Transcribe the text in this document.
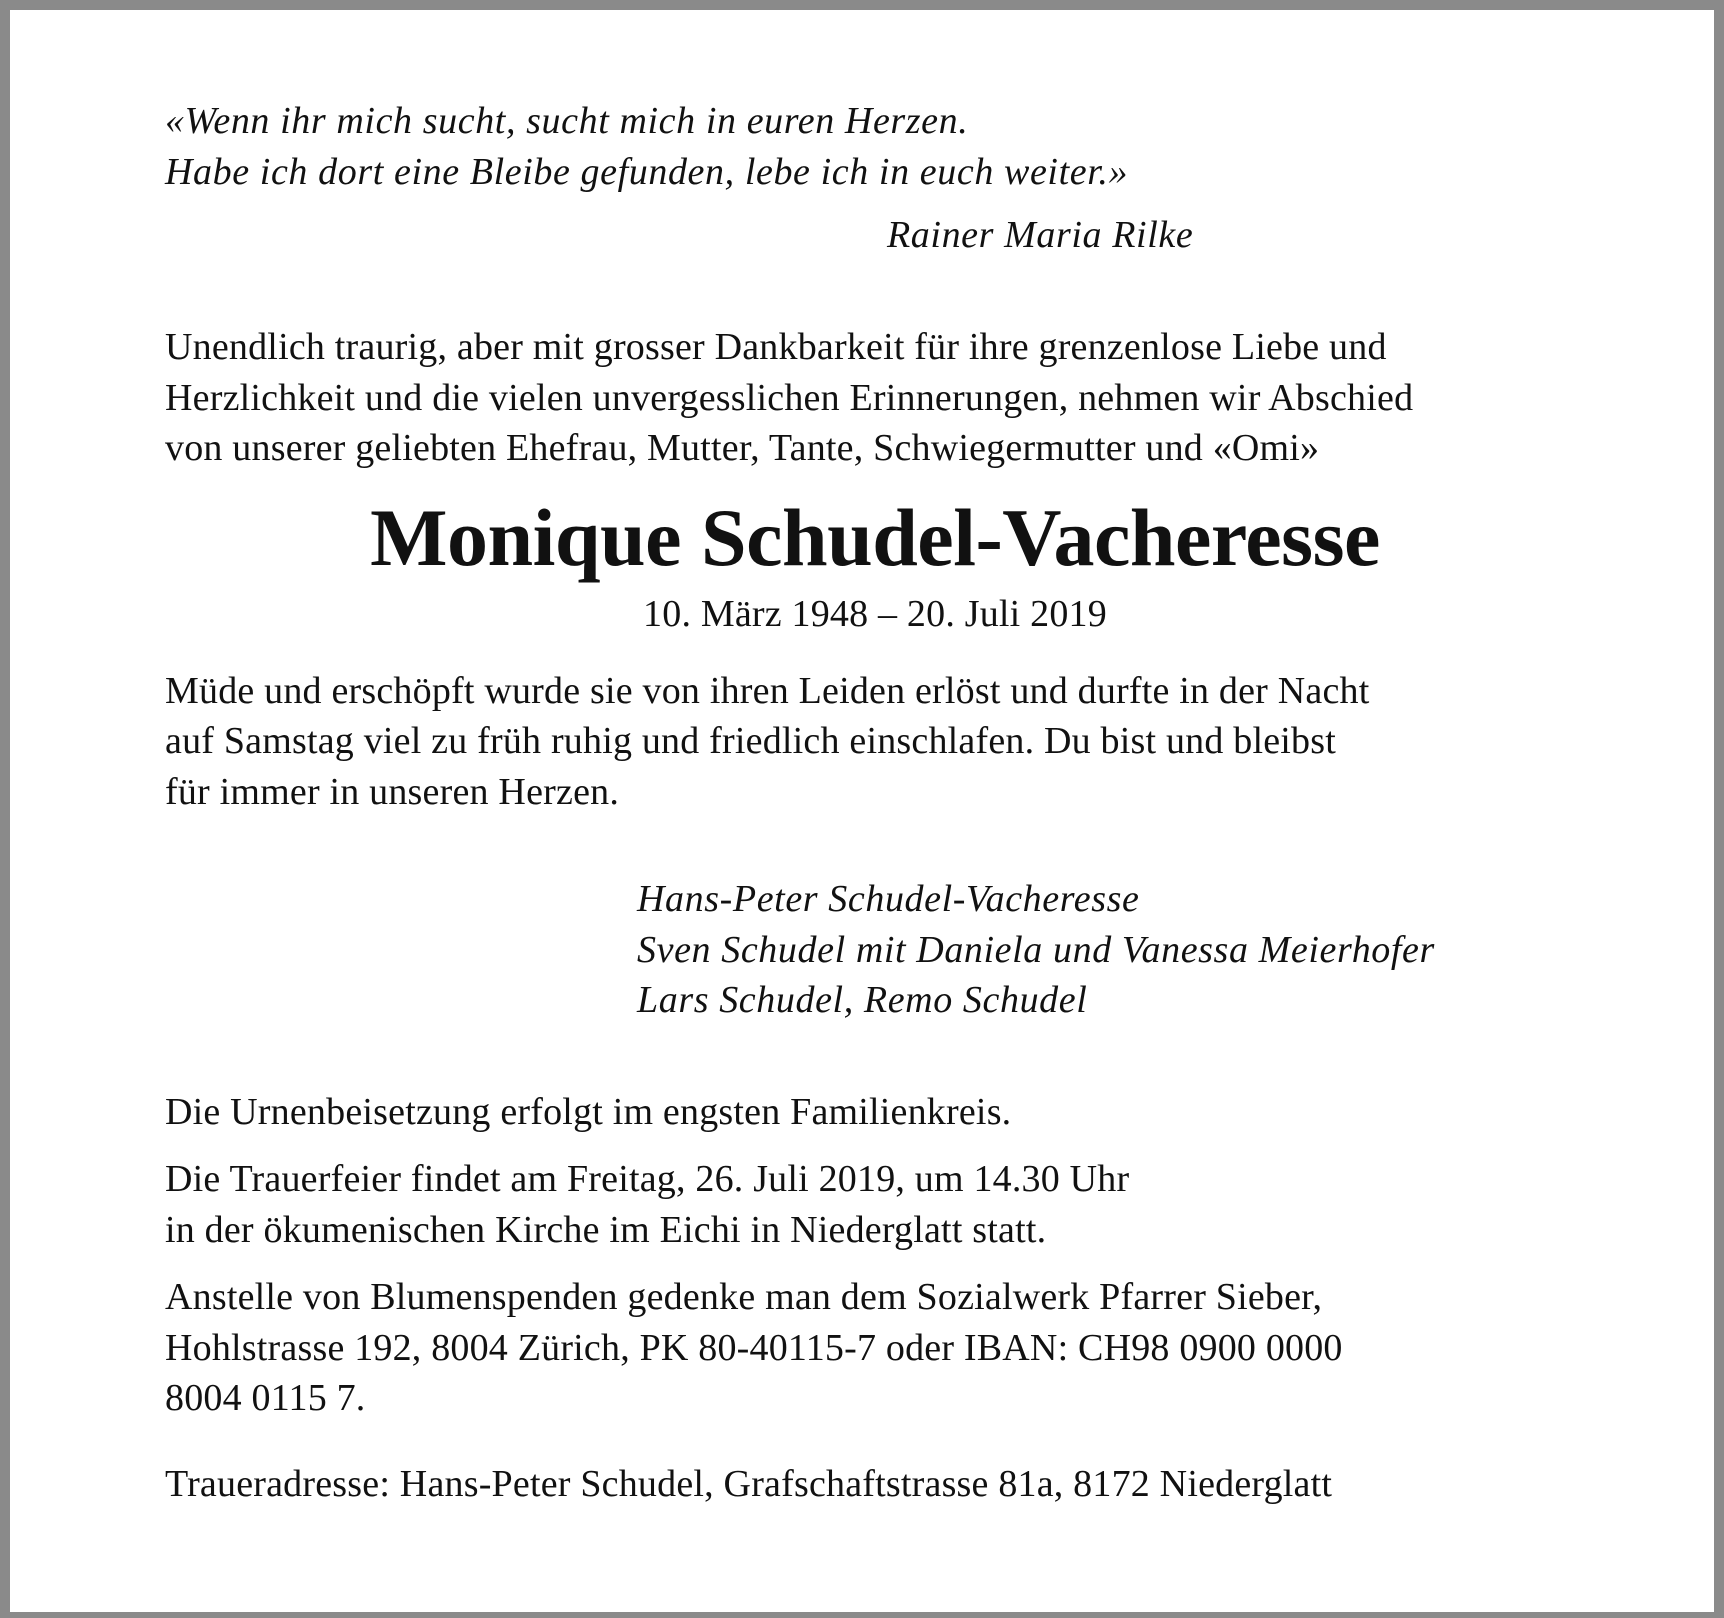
«Wenn ihr mich sucht, sucht mich in euren Herzen.
Habe ich dort eine Bleibe gefunden, lebe ich in euch weiter.»
Rainer Maria Rilke
Unendlich traurig, aber mit grosser Dankbarkeit für ihre grenzenlose Liebe und
Herzlichkeit und die vielen unvergesslichen Erinnerungen, nehmen wir Abschied
von unserer geliebten Ehefrau, Mutter, Tante, Schwiegermutter und «Omi»
Monique Schudel-Vacheresse
10. März 1948 – 20. Juli 2019
Müde und erschöpft wurde sie von ihren Leiden erlöst und durfte in der Nacht
auf Samstag viel zu früh ruhig und friedlich einschlafen. Du bist und bleibst
für immer in unseren Herzen.
Hans-Peter Schudel-Vacheresse
Sven Schudel mit Daniela und Vanessa Meierhofer
Lars Schudel, Remo Schudel
Die Urnenbeisetzung erfolgt im engsten Familienkreis.
Die Trauerfeier findet am Freitag, 26. Juli 2019, um 14.30 Uhr
in der ökumenischen Kirche im Eichi in Niederglatt statt.
Anstelle von Blumenspenden gedenke man dem Sozialwerk Pfarrer Sieber,
Hohlstrasse 192, 8004 Zürich, PK 80-40115-7 oder IBAN: CH98 0900 0000
8004 0115 7.
Traueradresse: Hans-Peter Schudel, Grafschaftstrasse 81a, 8172 Niederglatt
